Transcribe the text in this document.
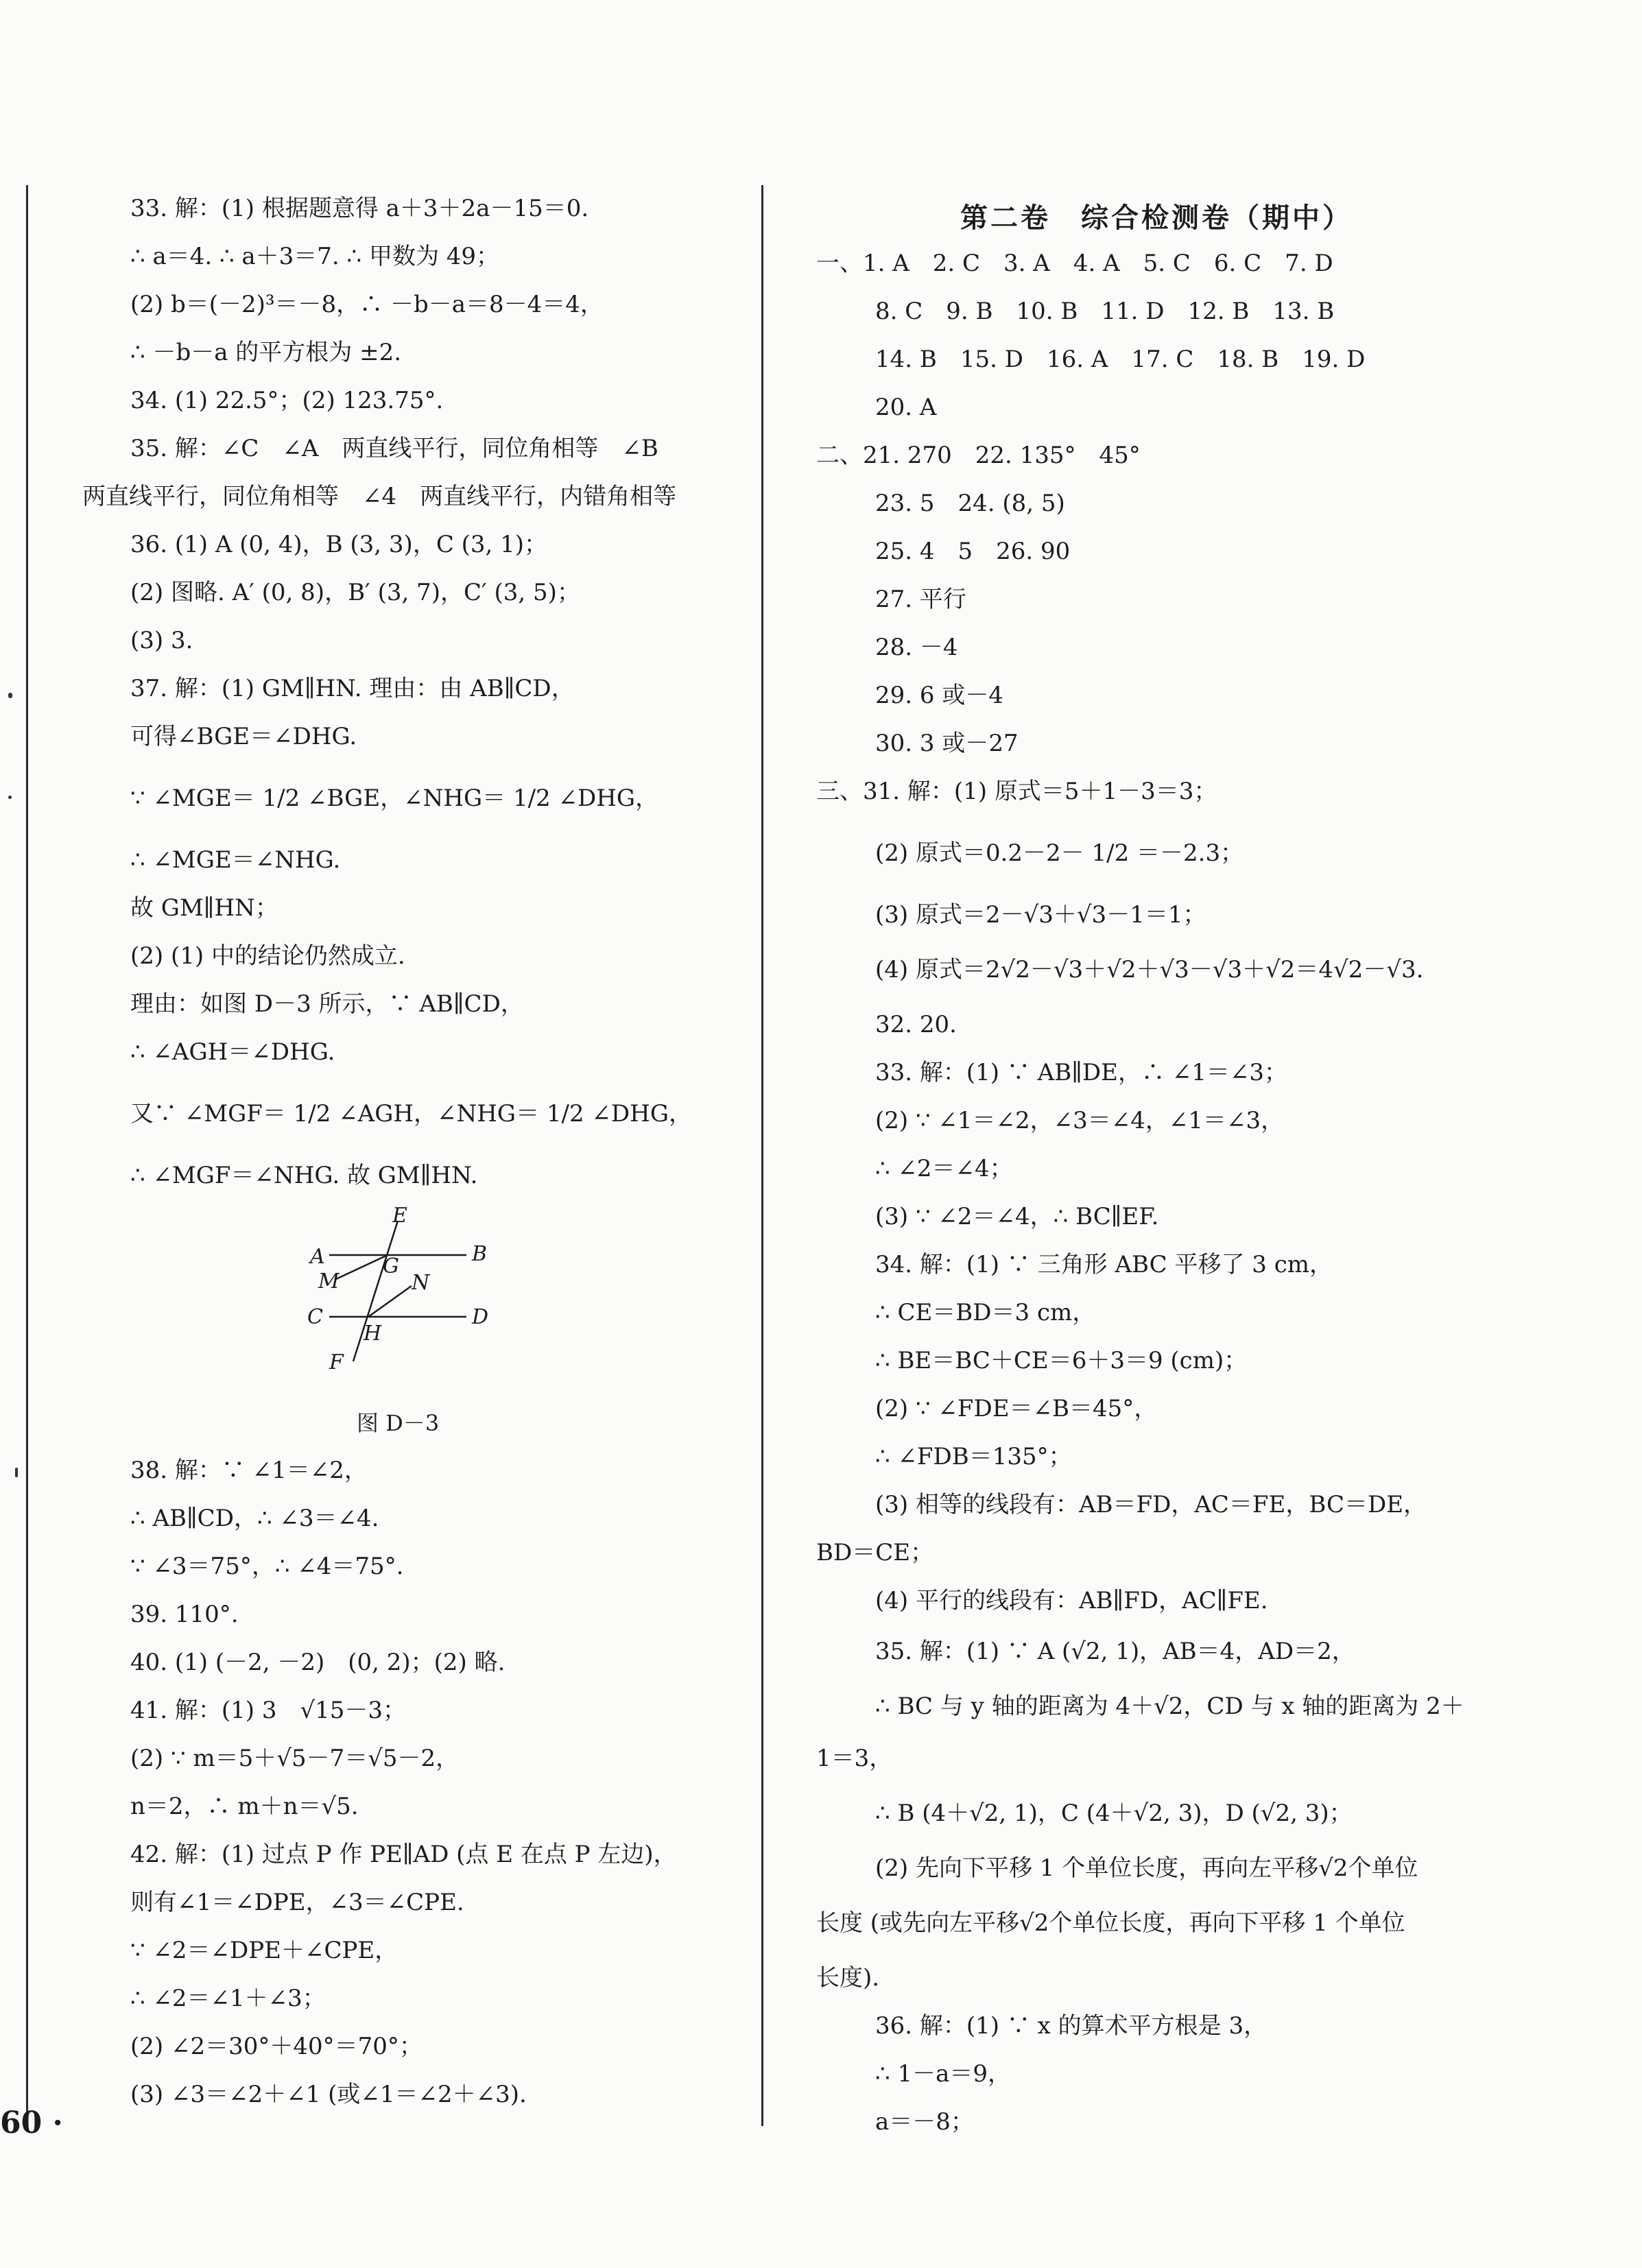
33. 解：(1) 根据题意得 a＋3＋2a－15＝0.
∴ a＝4. ∴ a＋3＝7. ∴ 甲数为 49；
(2) b＝(－2)³＝－8，∴ －b－a＝8－4＝4，
∴ －b－a 的平方根为 ±2.
34. (1) 22.5°；(2) 123.75°.
35. 解：∠C　∠A　两直线平行，同位角相等　∠B
两直线平行，同位角相等　∠4　两直线平行，内错角相等
36. (1) A (0, 4)，B (3, 3)，C (3, 1)；
(2) 图略. A′ (0, 8)，B′ (3, 7)，C′ (3, 5)；
(3) 3.
37. 解：(1) GM∥HN. 理由：由 AB∥CD，
可得∠BGE＝∠DHG.
∵ ∠MGE＝ 1/2 ∠BGE，∠NHG＝ 1/2 ∠DHG，
∴ ∠MGE＝∠NHG.
故 GM∥HN；
(2) (1) 中的结论仍然成立.
理由：如图 D－3 所示，∵ AB∥CD，
∴ ∠AGH＝∠DHG.
又∵ ∠MGF＝ 1/2 ∠AGH，∠NHG＝ 1/2 ∠DHG，
∴ ∠MGF＝∠NHG. 故 GM∥HN.
38. 解：∵ ∠1＝∠2，
∴ AB∥CD，∴ ∠3＝∠4.
∵ ∠3＝75°，∴ ∠4＝75°.
39. 110°.
40. (1) (－2, －2)　(0, 2)；(2) 略.
41. 解：(1) 3　√15－3；
(2) ∵ m＝5＋√5－7＝√5－2，
n＝2，∴ m＋n＝√5.
42. 解：(1) 过点 P 作 PE∥AD (点 E 在点 P 左边)，
则有∠1＝∠DPE，∠3＝∠CPE.
∵ ∠2＝∠DPE＋∠CPE，
∴ ∠2＝∠1＋∠3；
(2) ∠2＝30°＋40°＝70°；
(3) ∠3＝∠2＋∠1 (或∠1＝∠2＋∠3).
E
A	B
M
G
N
C	D
H
F
图 D－3
第二卷　综合检测卷（期中）
一、1. A　2. C　3. A　4. A　5. C　6. C　7. D
8. C　9. B　10. B　11. D　12. B　13. B
14. B　15. D　16. A　17. C　18. B　19. D
20. A
二、21. 270　22. 135°　45°
23. 5　24. (8, 5)
25. 4　5　26. 90
27. 平行
28. －4
29. 6 或－4
30. 3 或－27
三、31. 解：(1) 原式＝5＋1－3＝3；
(2) 原式＝0.2－2－ 1/2 ＝－2.3；
(3) 原式＝2－√3＋√3－1＝1；
(4) 原式＝2√2－√3＋√2＋√3－√3＋√2＝4√2－√3.
32. 20.
33. 解：(1) ∵ AB∥DE，∴ ∠1＝∠3；
(2) ∵ ∠1＝∠2，∠3＝∠4，∠1＝∠3，
∴ ∠2＝∠4；
(3) ∵ ∠2＝∠4，∴ BC∥EF.
34. 解：(1) ∵ 三角形 ABC 平移了 3 cm，
∴ CE＝BD＝3 cm，
∴ BE＝BC＋CE＝6＋3＝9 (cm)；
(2) ∵ ∠FDE＝∠B＝45°，
∴ ∠FDB＝135°；
(3) 相等的线段有：AB＝FD，AC＝FE，BC＝DE，
BD＝CE；
(4) 平行的线段有：AB∥FD，AC∥FE.
35. 解：(1) ∵ A (√2, 1)，AB＝4，AD＝2，
∴ BC 与 y 轴的距离为 4＋√2，CD 与 x 轴的距离为 2＋
1＝3，
∴ B (4＋√2, 1)，C (4＋√2, 3)，D (√2, 3)；
(2) 先向下平移 1 个单位长度，再向左平移√2个单位
长度 (或先向左平移√2个单位长度，再向下平移 1 个单位
长度).
36. 解：(1) ∵ x 的算术平方根是 3，
∴ 1－a＝9，
a＝－8；
60 ·
